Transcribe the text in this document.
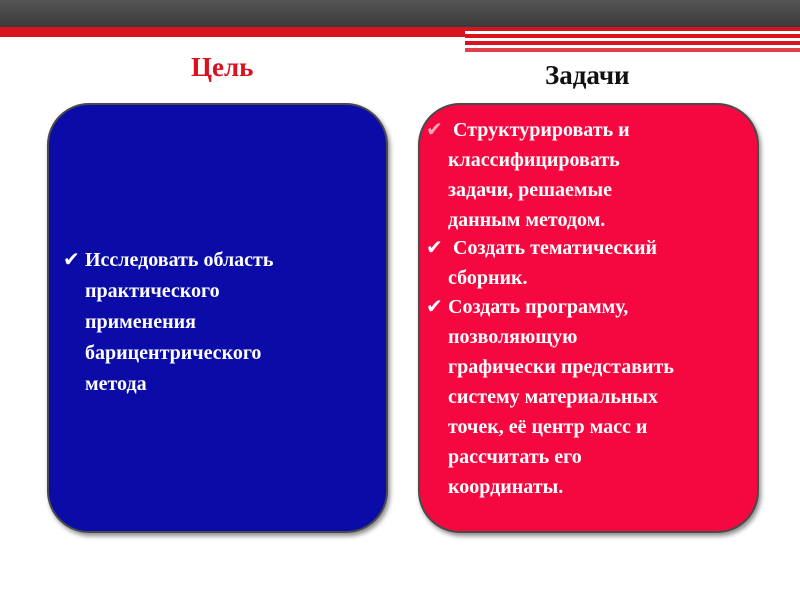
Цель	Задачи

✔ Исследовать область
практического
применения
барицентрического
метода

✔ Структурировать и
классифицировать
задачи, решаемые
данным методом.

✔ Создать тематический
сборник.

✔ Создать программу,
позволяющую
графически представить
систему материальных
точек, её центр масс и
рассчитать его
координаты.
